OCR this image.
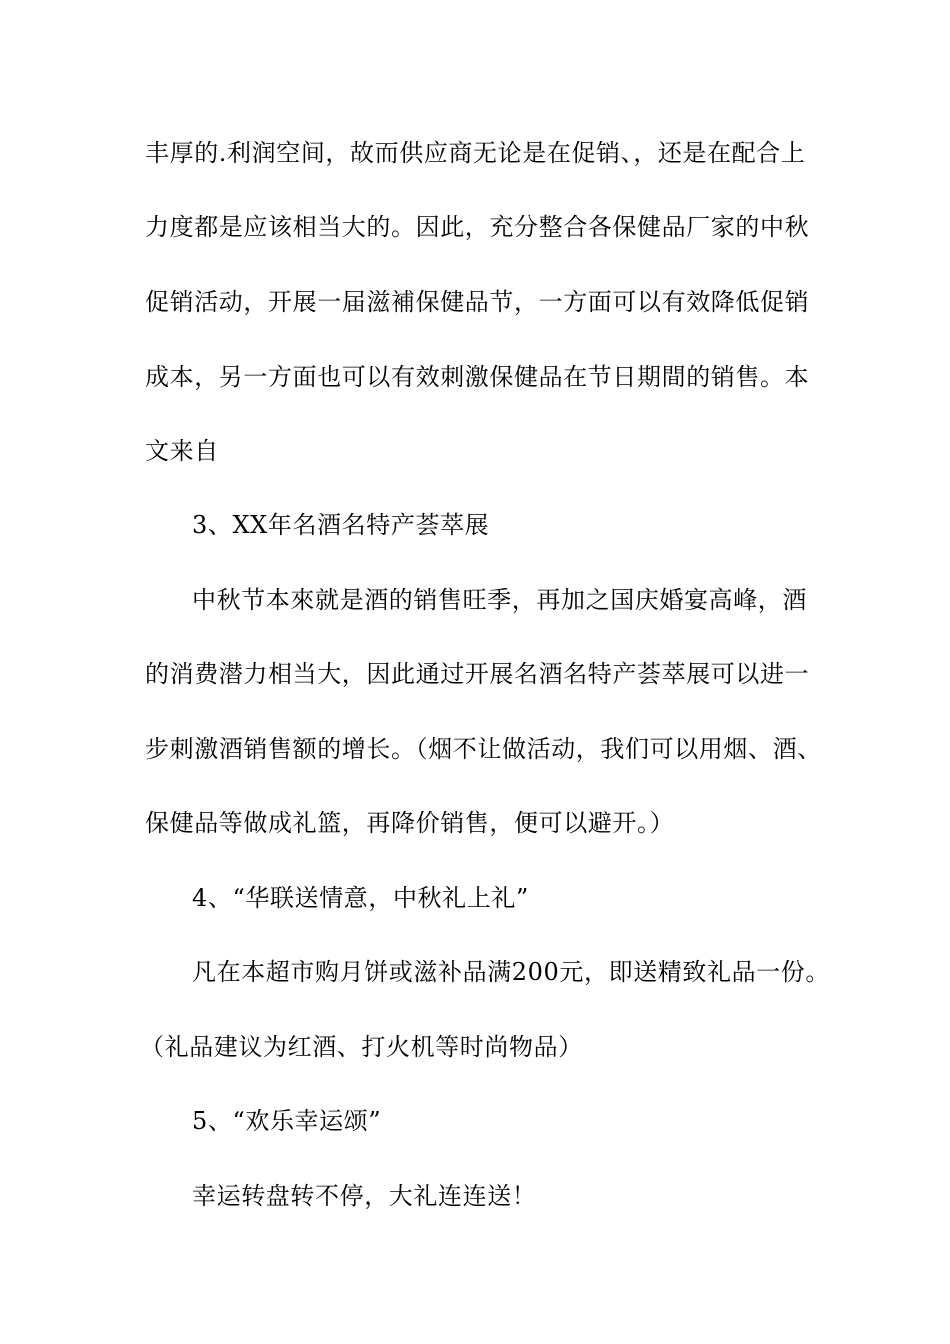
丰厚的.利润空间，故而供应商无论是在促销、，还是在配合上
力度都是应该相当大的。因此，充分整合各保健品厂家的中秋
促销活动，开展一届滋補保健品节，一方面可以有效降低促销
成本，另一方面也可以有效刺激保健品在节日期間的销售。本
文来自
3、XX年名酒名特产荟萃展
中秋节本來就是酒的销售旺季，再加之国庆婚宴高峰，酒
的消费潜力相当大，因此通过开展名酒名特产荟萃展可以进一
步刺激酒销售额的增长。（烟不让做活动，我们可以用烟、酒、
保健品等做成礼篮，再降价销售，便可以避开。）
4、“华联送情意，中秋礼上礼”
凡在本超市购月饼或滋补品满200元，即送精致礼品一份。
（礼品建议为红酒、打火机等时尚物品）
5、“欢乐幸运颂”
幸运转盘转不停，大礼连连送！
